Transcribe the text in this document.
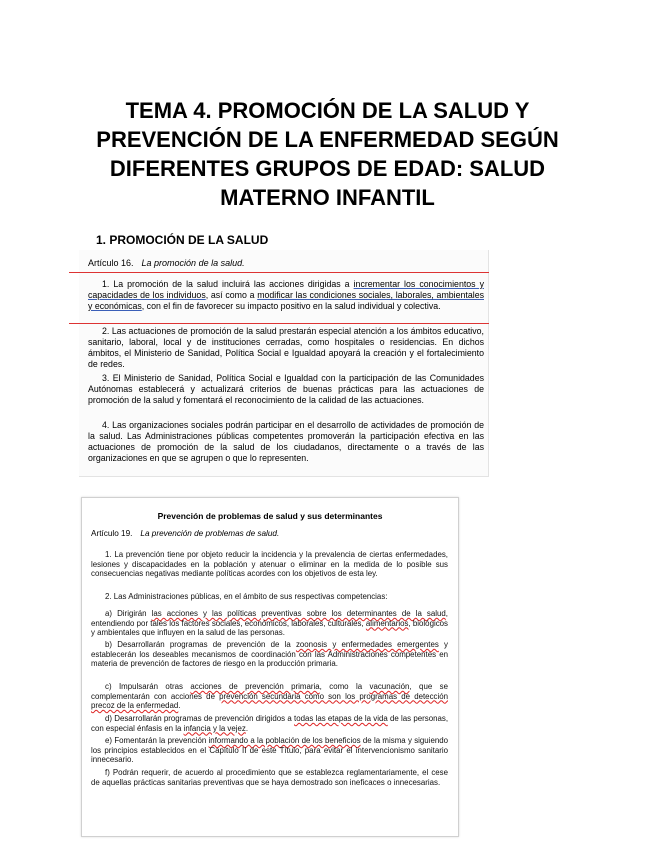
TEMA 4. PROMOCIÓN DE LA SALUD Y
PREVENCIÓN DE LA ENFERMEDAD SEGÚN
DIFERENTES GRUPOS DE EDAD: SALUD
MATERNO INFANTIL
1. PROMOCIÓN DE LA SALUD
Artículo 16. La promoción de la salud.
1. La promoción de la salud incluirá las acciones dirigidas a incrementar los conocimientos y capacidades de los individuos, así como a modificar las condiciones sociales, laborales, ambientales y económicas, con el fin de favorecer su impacto positivo en la salud individual y colectiva.
2. Las actuaciones de promoción de la salud prestarán especial atención a los ámbitos educativo, sanitario, laboral, local y de instituciones cerradas, como hospitales o residencias. En dichos ámbitos, el Ministerio de Sanidad, Política Social e Igualdad apoyará la creación y el fortalecimiento de redes.
3. El Ministerio de Sanidad, Política Social e Igualdad con la participación de las Comunidades Autónomas establecerá y actualizará criterios de buenas prácticas para las actuaciones de promoción de la salud y fomentará el reconocimiento de la calidad de las actuaciones.
4. Las organizaciones sociales podrán participar en el desarrollo de actividades de promoción de la salud. Las Administraciones públicas competentes promoverán la participación efectiva en las actuaciones de promoción de la salud de los ciudadanos, directamente o a través de las organizaciones en que se agrupen o que lo representen.
Prevención de problemas de salud y sus determinantes
Artículo 19. La prevención de problemas de salud.
1. La prevención tiene por objeto reducir la incidencia y la prevalencia de ciertas enfermedades, lesiones y discapacidades en la población y atenuar o eliminar en la medida de lo posible sus consecuencias negativas mediante políticas acordes con los objetivos de esta ley.
2. Las Administraciones públicas, en el ámbito de sus respectivas competencias:
a) Dirigirán las acciones y las políticas preventivas sobre los determinantes de la salud, entendiendo por tales los factores sociales, económicos, laborales, culturales, alimentarios, biológicos y ambientales que influyen en la salud de las personas.
b) Desarrollarán programas de prevención de la zoonosis y enfermedades emergentes y establecerán los deseables mecanismos de coordinación con las Administraciones competentes en materia de prevención de factores de riesgo en la producción primaria.
c) Impulsarán otras acciones de prevención primaria, como la vacunación, que se complementarán con acciones de prevención secundaria como son los programas de detección precoz de la enfermedad.
d) Desarrollarán programas de prevención dirigidos a todas las etapas de la vida de las personas, con especial énfasis en la infancia y la vejez.
e) Fomentarán la prevención informando a la población de los beneficios de la misma y siguiendo los principios establecidos en el Capítulo II de este Título, para evitar el intervencionismo sanitario innecesario.
f) Podrán requerir, de acuerdo al procedimiento que se establezca reglamentariamente, el cese de aquellas prácticas sanitarias preventivas que se haya demostrado son ineficaces o innecesarias.
